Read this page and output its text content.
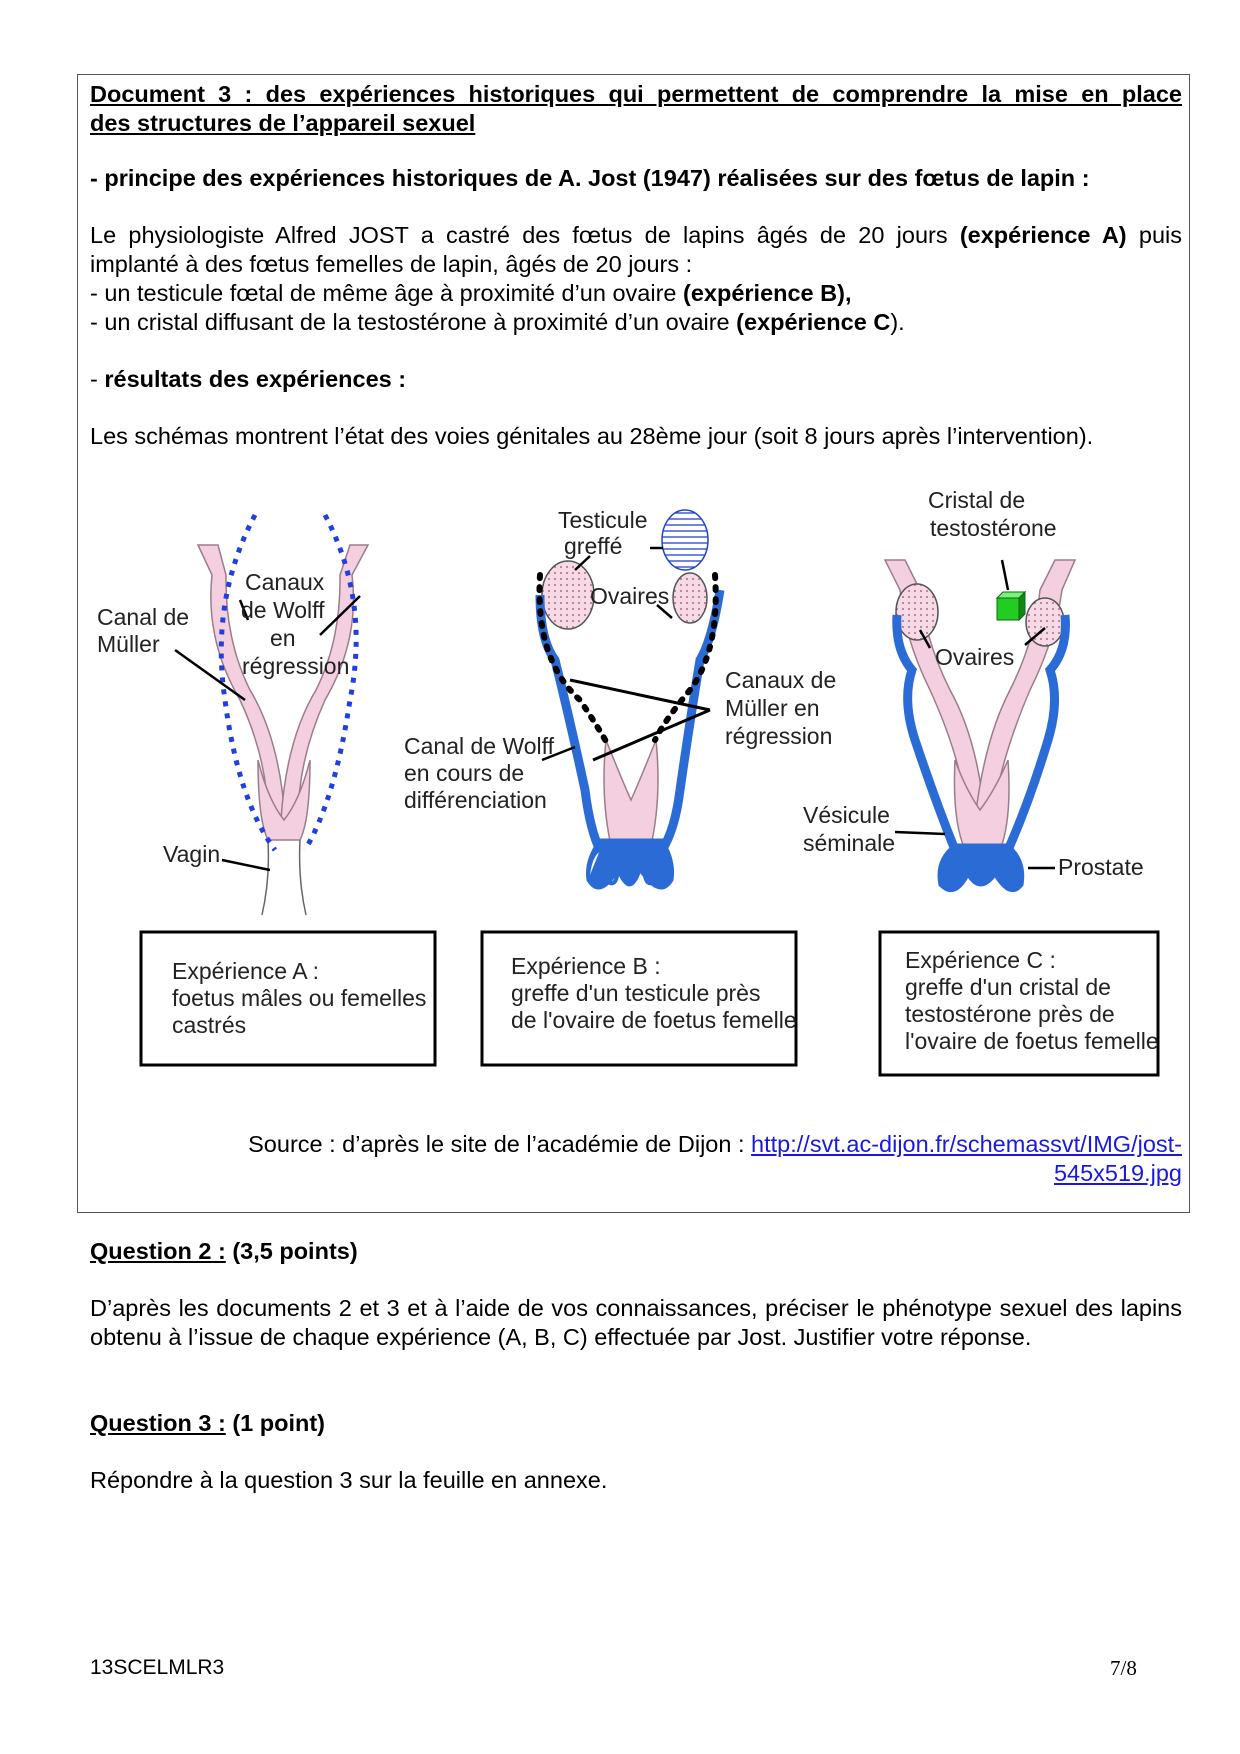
Document 3 : des expériences historiques qui permettent de comprendre la mise en place
des structures de l’appareil sexuel

- principe des expériences historiques de A. Jost (1947) réalisées sur des fœtus de lapin :

Le physiologiste Alfred JOST a castré des fœtus de lapins âgés de 20 jours (expérience A) puis implanté à des fœtus femelles de lapin, âgés de 20 jours :

- un testicule fœtal de même âge à proximité d’un ovaire (expérience B),

- un cristal diffusant de la testostérone à proximité d’un ovaire (expérience C).

- résultats des expériences :

Les schémas montrent l’état des voies génitales au 28ème jour (soit 8 jours après l’intervention).

Canaux
de Wolff
en
régression
Canal de
Müller
Vagin
Testicule
greffé
Ovaires
Canaux de
Müller en
régression
Canal de Wolff
en cours de
différenciation
Cristal de
testostérone
Ovaires
Vésicule
séminale
Prostate
Expérience A :
foetus mâles ou femelles
castrés
Expérience B :
greffe d'un testicule près
de l'ovaire de foetus femelle
Expérience C :
greffe d'un cristal de
testostérone près de
l'ovaire de foetus femelle
Source : d’après le site de l’académie de Dijon : http://svt.ac-dijon.fr/schemassvt/IMG/jost-
545x519.jpg

Question 2 : (3,5 points)

D’après les documents 2 et 3 et à l’aide de vos connaissances, préciser le phénotype sexuel des lapins obtenu à l’issue de chaque expérience (A, B, C) effectuée par Jost. Justifier votre réponse.

Question 3 : (1 point)

Répondre à la question 3 sur la feuille en annexe.

13SCELMLR3	7/8
